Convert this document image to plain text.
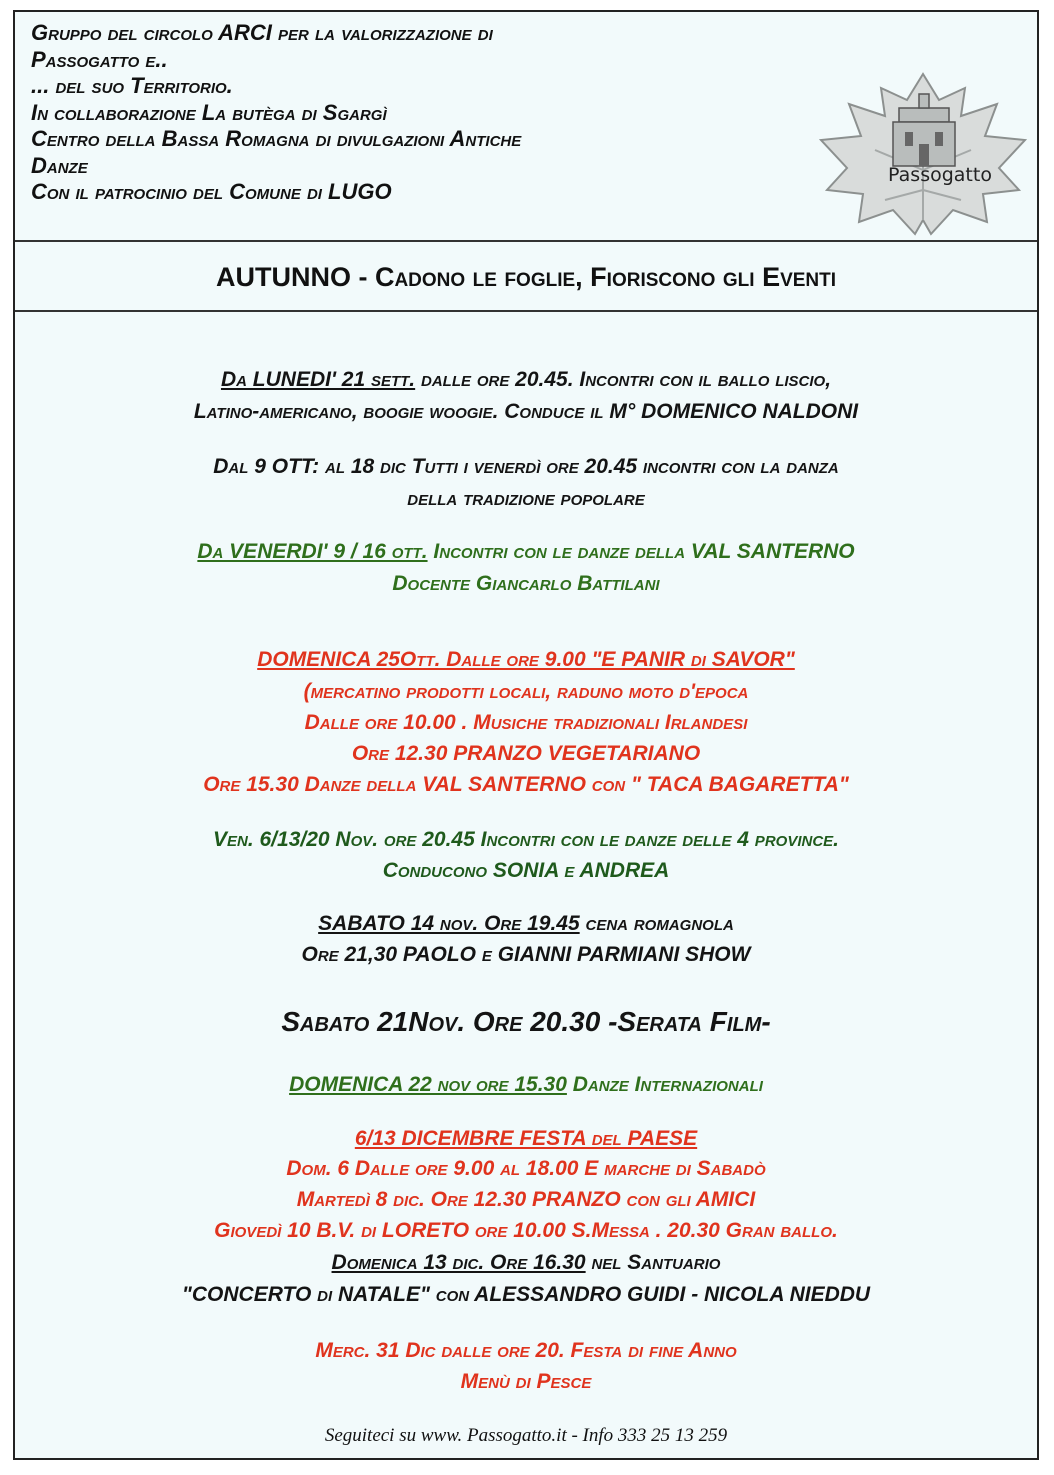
Gruppo del circolo ARCI per la valorizzazione di
Passogatto e..
... del suo Territorio.
In collaborazione La butèga di Sgargì
Centro della Bassa Romagna di divulgazioni Antiche
Danze
Con il patrocinio del Comune di LUGO
Passogatto
AUTUNNO - Cadono le foglie, Fioriscono gli Eventi
Da LUNEDI' 21 sett. dalle ore 20.45. Incontri con il ballo liscio,
Latino-americano, boogie woogie. Conduce il M° DOMENICO NALDONI
Dal 9 OTT: al 18 dic Tutti i venerdì ore 20.45 incontri con la danza
della tradizione popolare
Da VENERDI' 9 / 16 ott. Incontri con le danze della VAL SANTERNO
Docente Giancarlo Battilani
DOMENICA 25Ott. Dalle ore 9.00 "E PANIR di SAVOR"
(mercatino prodotti locali, raduno moto d'epoca
Dalle ore 10.00 . Musiche tradizionali Irlandesi
Ore 12.30 PRANZO VEGETARIANO
Ore 15.30 Danze della VAL SANTERNO con " TACA BAGARETTA"
Ven. 6/13/20 Nov. ore 20.45 Incontri con le danze delle 4 province.
Conducono SONIA e ANDREA
SABATO 14 nov. Ore 19.45 cena romagnola
Ore 21,30 PAOLO e GIANNI PARMIANI SHOW
Sabato 21Nov. Ore 20.30 -Serata Film-
DOMENICA 22 nov ore 15.30 Danze Internazionali
6/13 DICEMBRE FESTA del PAESE
Dom. 6 Dalle ore 9.00 al 18.00 E marche di Sabadò
Martedì 8 dic. Ore 12.30 PRANZO con gli AMICI
Giovedì 10 B.V. di LORETO ore 10.00 S.Messa . 20.30 Gran ballo.
Domenica 13 dic. Ore 16.30 nel Santuario
"CONCERTO di NATALE" con ALESSANDRO GUIDI - NICOLA NIEDDU
Merc. 31 Dic dalle ore 20. Festa di fine Anno
Menù di Pesce
Seguiteci su www. Passogatto.it - Info 333 25 13 259
